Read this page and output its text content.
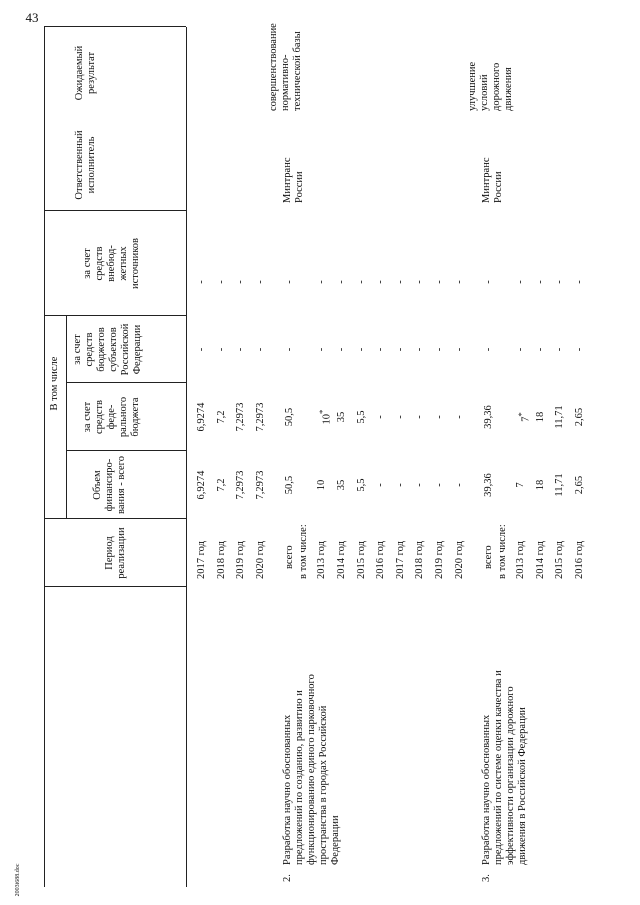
43
2003i688.doc
Период
реализации
Объем
финансиро-
вания - всего
В том числе
за счет
средств
феде-
рального
бюджета
за счет
средств
бюджетов
субъектов
Российской
Федерации
за счет
средств
внебюд-
жетных
источников
Ответственный
исполнитель
Ожидаемый
результат
2017 год
6,9274
6,9274
-
-
2018 год
7,2
7,2
-
-
2019 год
7,2973
7,2973
-
-
2020 год
7,2973
7,2973
-
-
2.
Разработка научно обоснованных
предложений по созданию, развитию и
функционированию единого парковочного
пространства в городах Российской
Федерации
Минтранс
России
совершенствование
нормативно-
технической базы
всего
50,5
50,5
-
-
в том числе: 2013 год
10
10*
-
-
2014 год
35
35
-
-
2015 год
5,5
5,5
-
-
2016 год
-
-
-
-
2017 год
-
-
-
-
2018 год
-
-
-
-
2019 год
-
-
-
-
2020 год
-
-
-
-
3.
Разработка научно обоснованных
предложений по системе оценки качества и
эффективности организации дорожного
движения в Российской Федерации
Минтранс
России
улучшение условий
дорожного
движения
всего
39,36
39,36
-
-
в том числе: 2013 год
7
7*
-
-
2014 год
18
18
-
-
2015 год
11,71
11,71
-
-
2016 год
2,65
2,65
-
-
